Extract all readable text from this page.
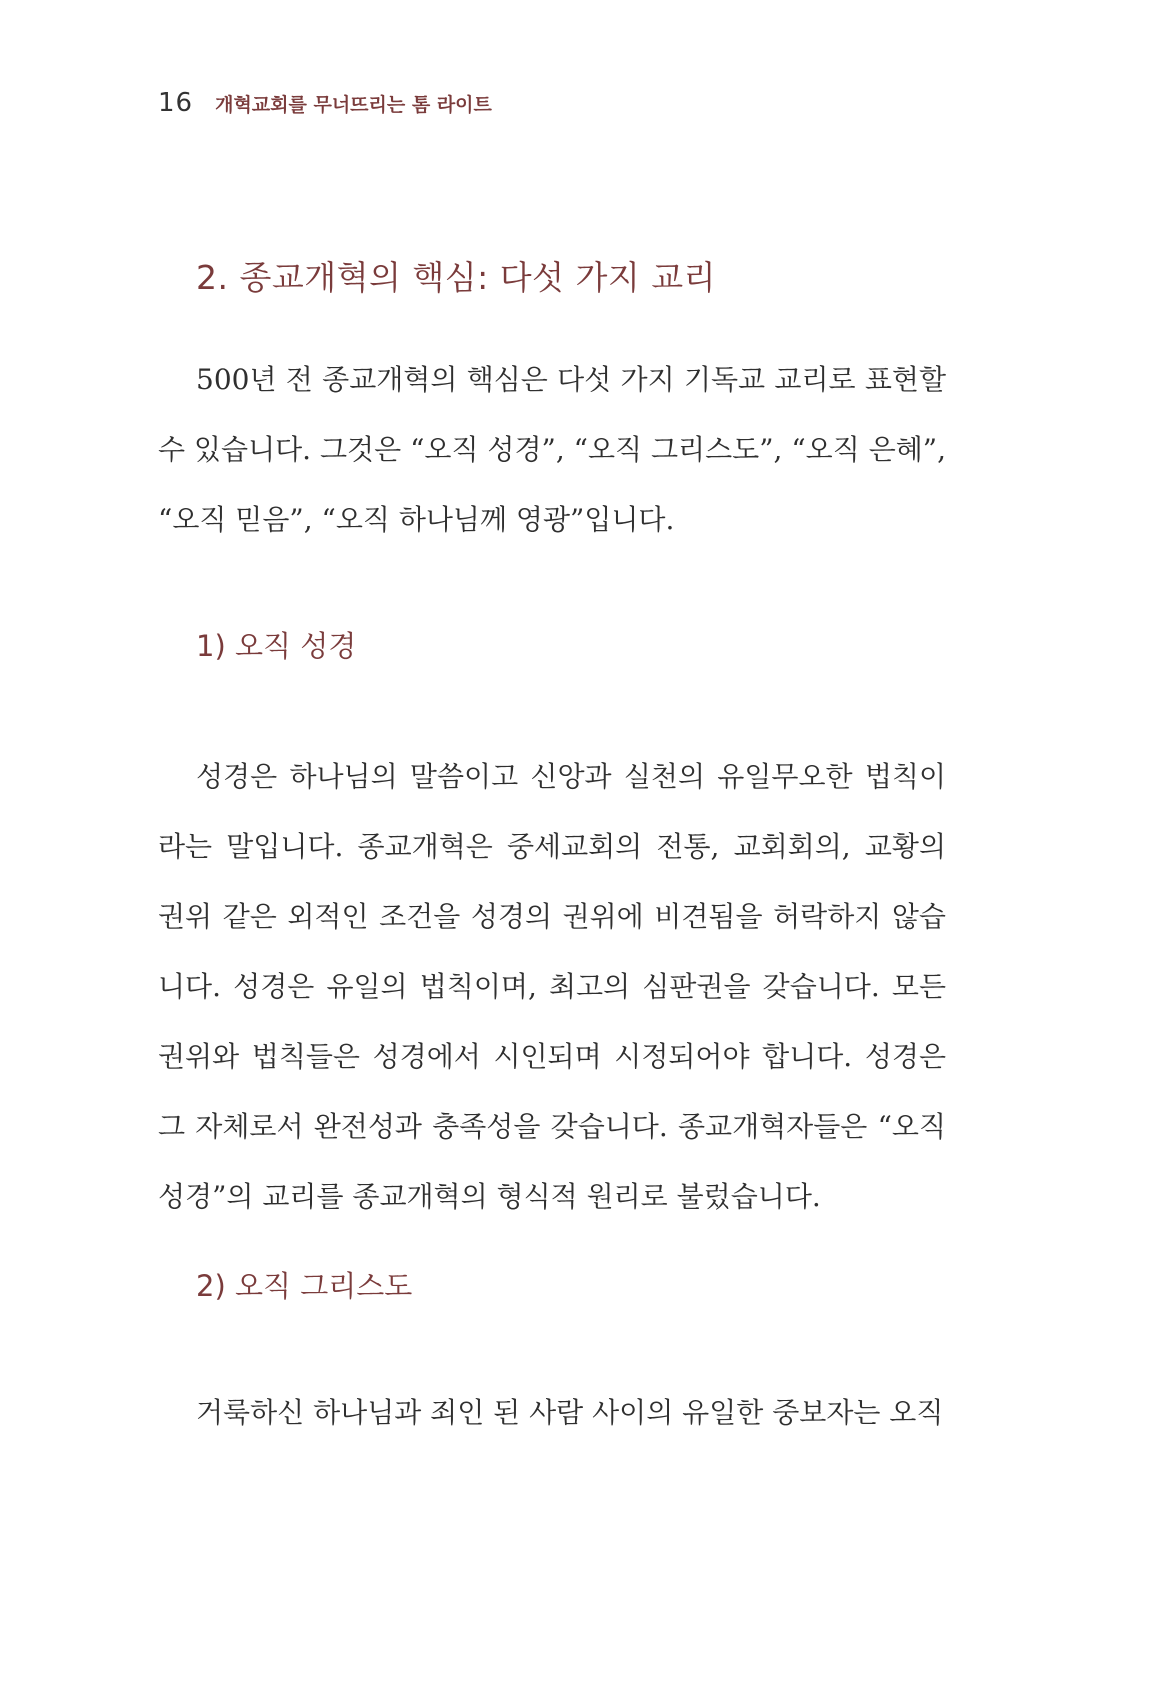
16 개혁교회를 무너뜨리는 톰 라이트
2. 종교개혁의 핵심: 다섯 가지 교리

500년 전 종교개혁의 핵심은 다섯 가지 기독교 교리로 표현할 수 있습니다. 그것은 “오직 성경”, “오직 그리스도”, “오직 은혜”, “오직 믿음”, “오직 하나님께 영광”입니다.

1) 오직 성경

성경은 하나님의 말씀이고 신앙과 실천의 유일무오한 법칙이라는 말입니다. 종교개혁은 중세교회의 전통, 교회회의, 교황의 권위 같은 외적인 조건을 성경의 권위에 비견됨을 허락하지 않습니다. 성경은 유일의 법칙이며, 최고의 심판권을 갖습니다. 모든 권위와 법칙들은 성경에서 시인되며 시정되어야 합니다. 성경은 그 자체로서 완전성과 충족성을 갖습니다. 종교개혁자들은 “오직 성경”의 교리를 종교개혁의 형식적 원리로 불렀습니다.

2) 오직 그리스도

거룩하신 하나님과 죄인 된 사람 사이의 유일한 중보자는 오직
